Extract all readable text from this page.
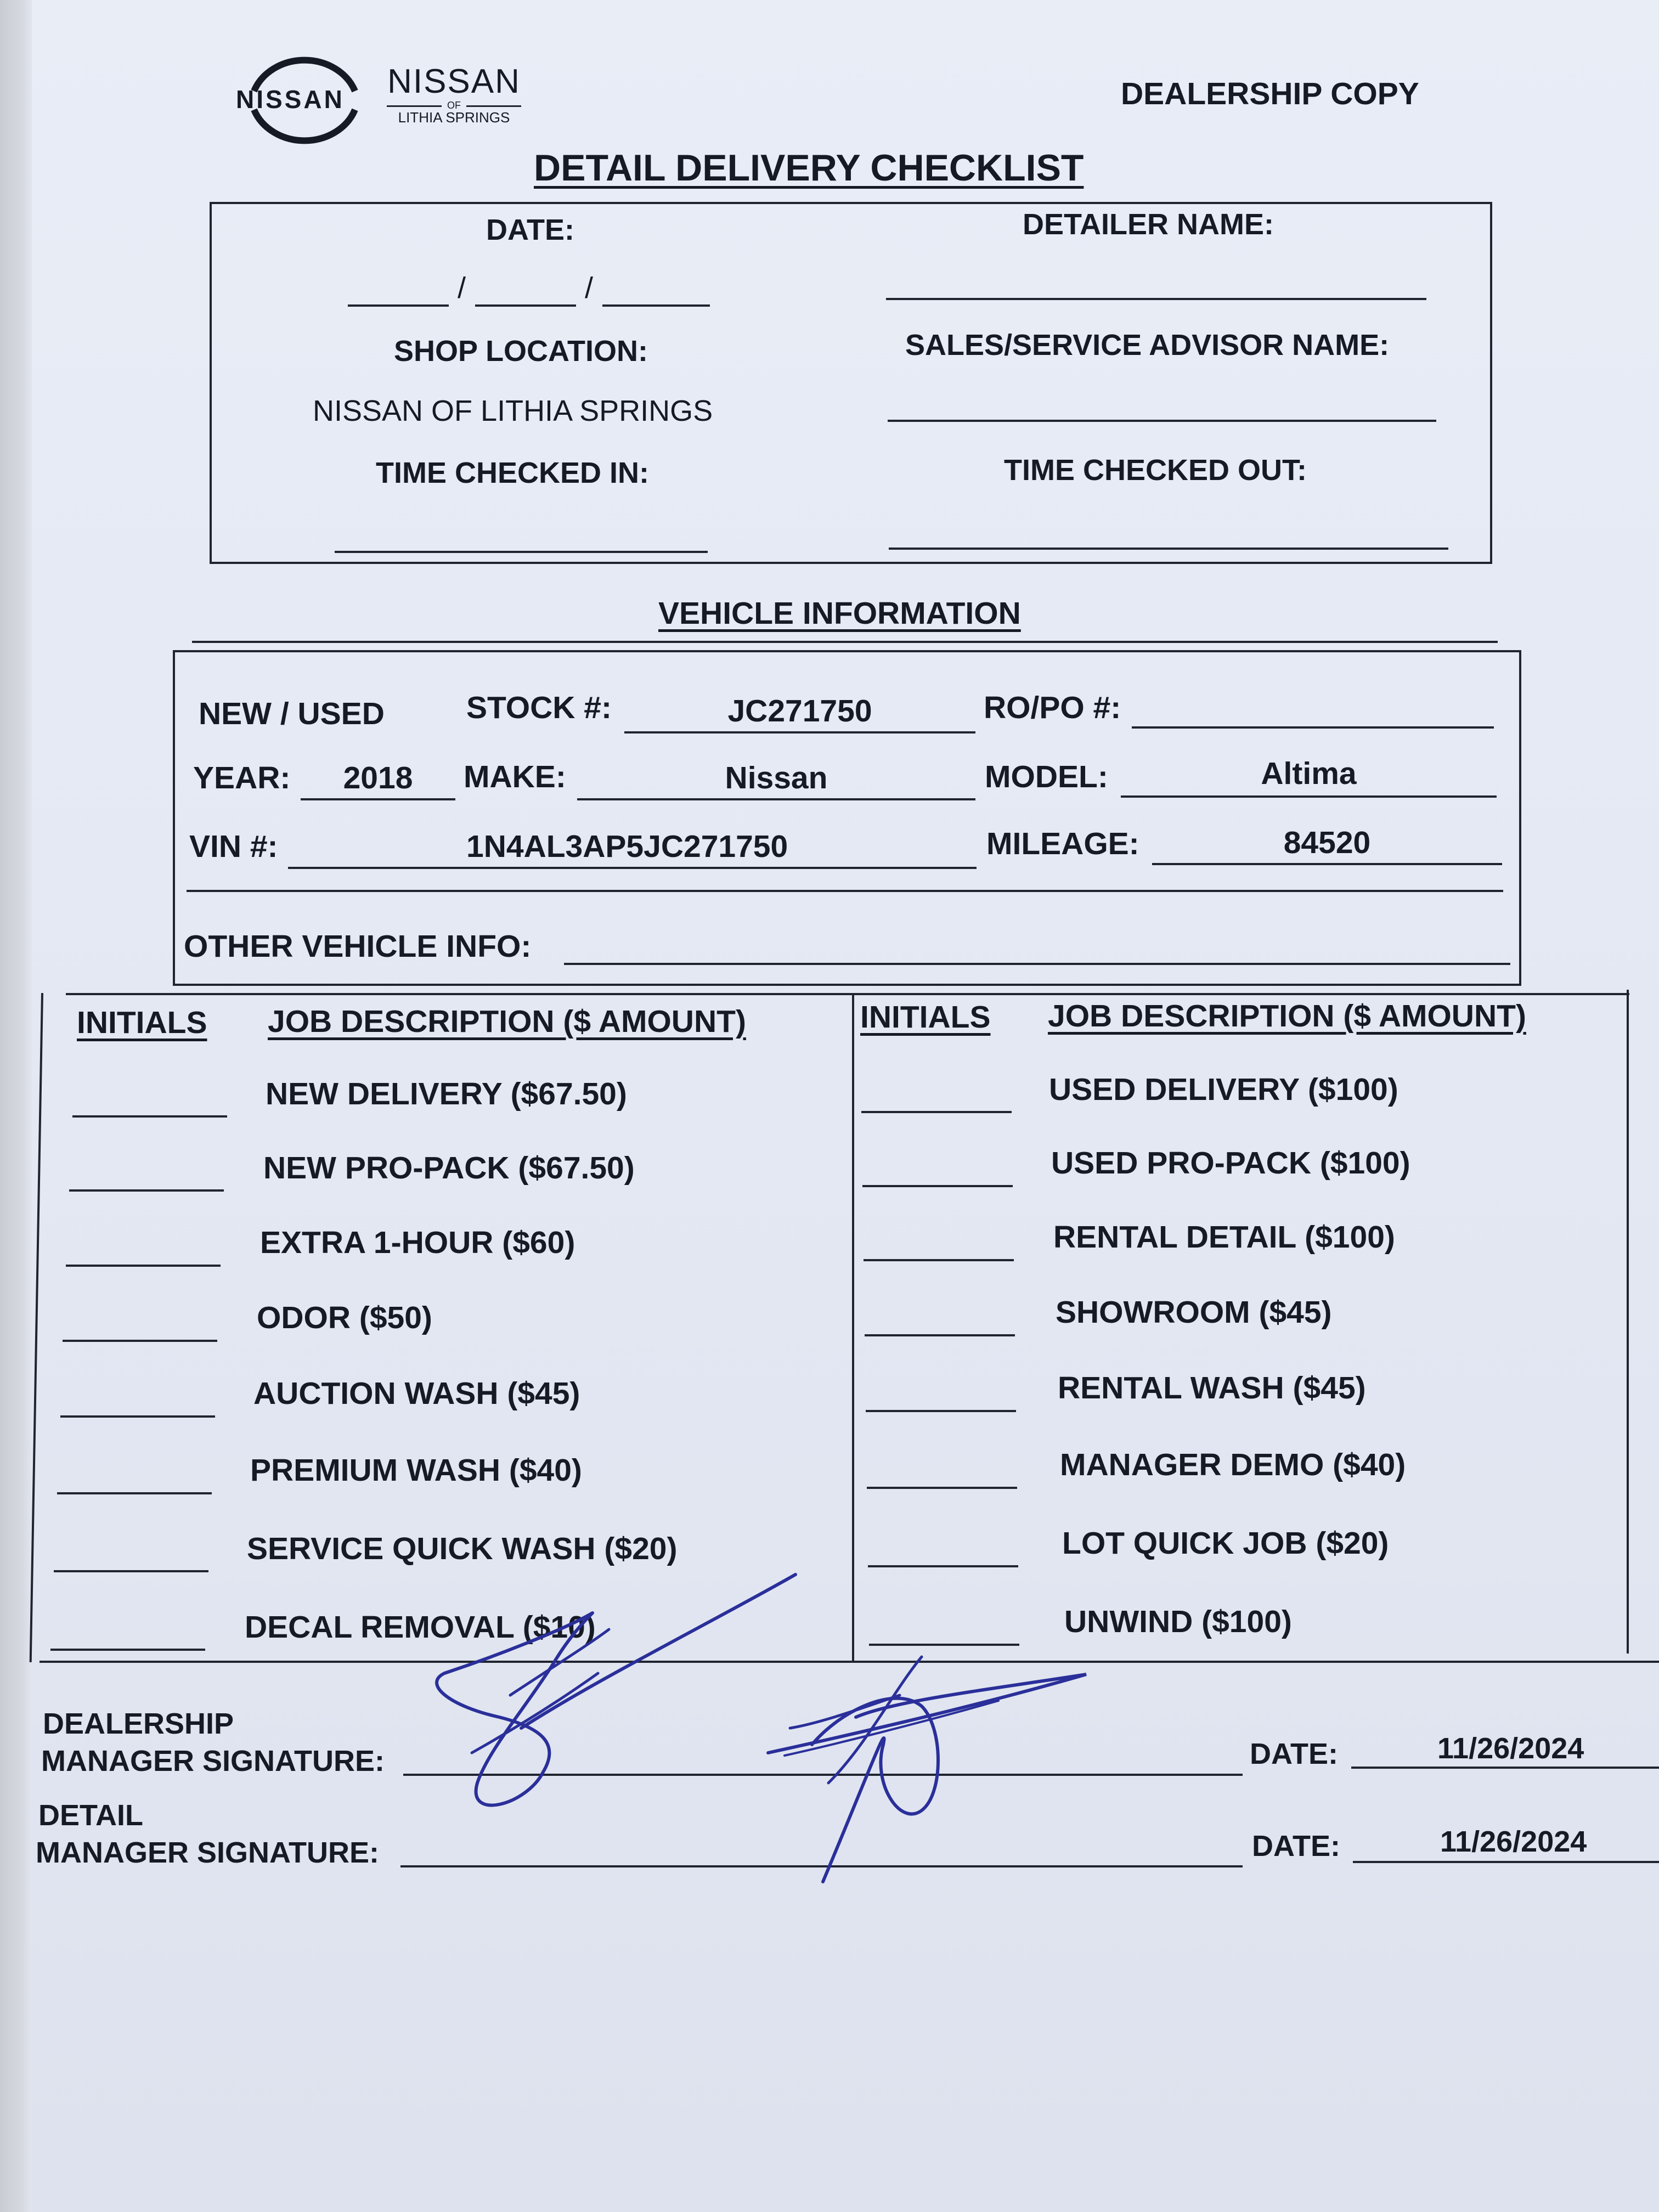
NISSAN NISSAN
OF
LITHIA SPRINGS
DEALERSHIP COPY
DETAIL DELIVERY CHECKLIST
DATE:
/	/
DETAILER NAME:
SHOP LOCATION:
NISSAN OF LITHIA SPRINGS
SALES/SERVICE ADVISOR NAME:
TIME CHECKED IN:	TIME CHECKED OUT:
VEHICLE INFORMATION
NEW / USED	STOCK #:	JC271750	RO/PO #:
YEAR:	2018	MAKE:	Nissan	MODEL:	Altima
VIN #:	1N4AL3AP5JC271750	MILEAGE:	84520
OTHER VEHICLE INFO:
INITIALS JOB DESCRIPTION ($ AMOUNT)	INITIALS JOB DESCRIPTION ($ AMOUNT)
NEW DELIVERY ($67.50)
NEW PRO-PACK ($67.50)
EXTRA 1-HOUR ($60)
ODOR ($50)
AUCTION WASH ($45)
PREMIUM WASH ($40)
SERVICE QUICK WASH ($20)
DECAL REMOVAL ($10)
USED DELIVERY ($100)
USED PRO-PACK ($100)
RENTAL DETAIL ($100)
SHOWROOM ($45)
RENTAL WASH ($45)
MANAGER DEMO ($40)
LOT QUICK JOB ($20)
UNWIND ($100)
DEALERSHIP
MANAGER SIGNATURE:	DATE:	11/26/2024
DETAIL
MANAGER SIGNATURE:	DATE:	11/26/2024
